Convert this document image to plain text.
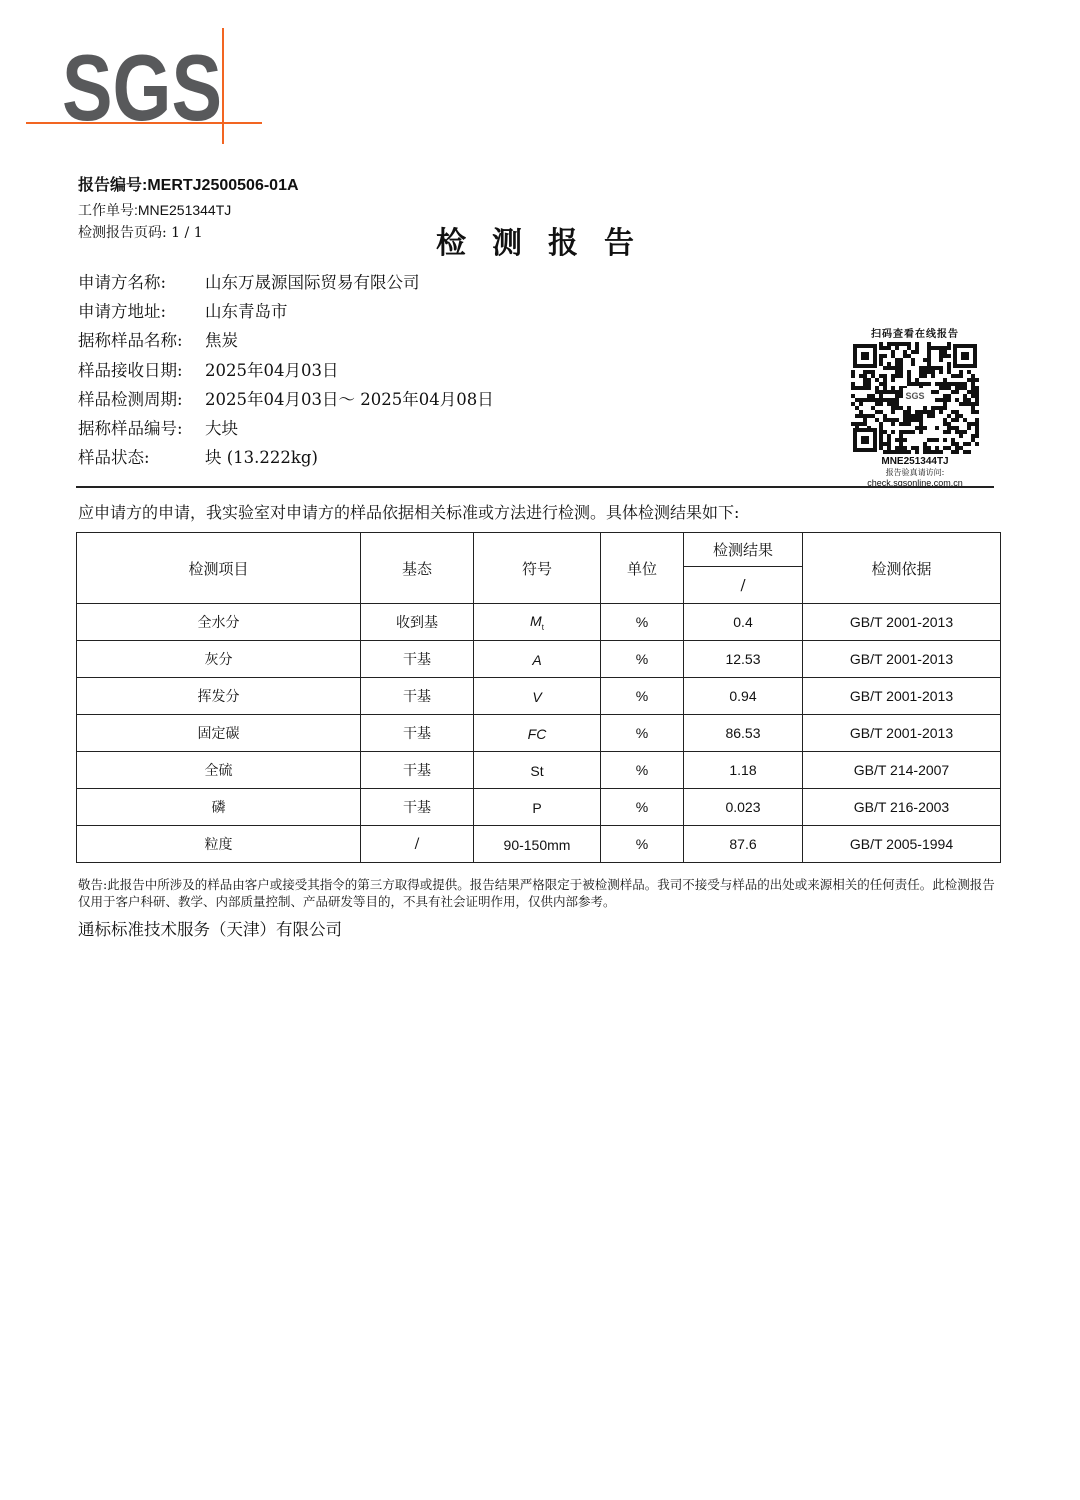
SGS
报告编号:MERTJ2500506-01A
工作单号:MNE251344TJ
检测报告页码: 1 / 1	检测报告
申请方名称:	山东万晟源国际贸易有限公司
申请方地址:	山东青岛市
据称样品名称:	焦炭
样品接收日期:	2025年04月03日
样品检测周期:	2025年04月03日～ 2025年04月08日
据称样品编号:	大块
样品状态:	块 (13.222kg)
扫码查看在线报告
SGS
MNE251344TJ
报告验真请访问:
check.sgsonline.com.cn
应申请方的申请，我实验室对申请方的样品依据相关标准或方法进行检测。具体检测结果如下:
检测项目	基态	符号	单位	检测结果	检测依据
				/	
全水分	收到基	$M_t$	%	0.4	GB/T 2001-2013
灰分	干基	A	%	12.53	GB/T 2001-2013
挥发分	干基	V	%	0.94	GB/T 2001-2013
固定碳	干基	FC	%	86.53	GB/T 2001-2013
全硫	干基	St	%	1.18	GB/T 214-2007
磷	干基	P	%	0.023	GB/T 216-2003
粒度	/	90-150mm	%	87.6	GB/T 2005-1994
敬告:此报告中所涉及的样品由客户或接受其指令的第三方取得或提供。报告结果严格限定于被检测样品。我司不接受与样品的出处或来源相关的任何责任。此检测报告仅用于客户科研、教学、内部质量控制、产品研发等目的，不具有社会证明作用，仅供内部参考。
通标标准技术服务（天津）有限公司
